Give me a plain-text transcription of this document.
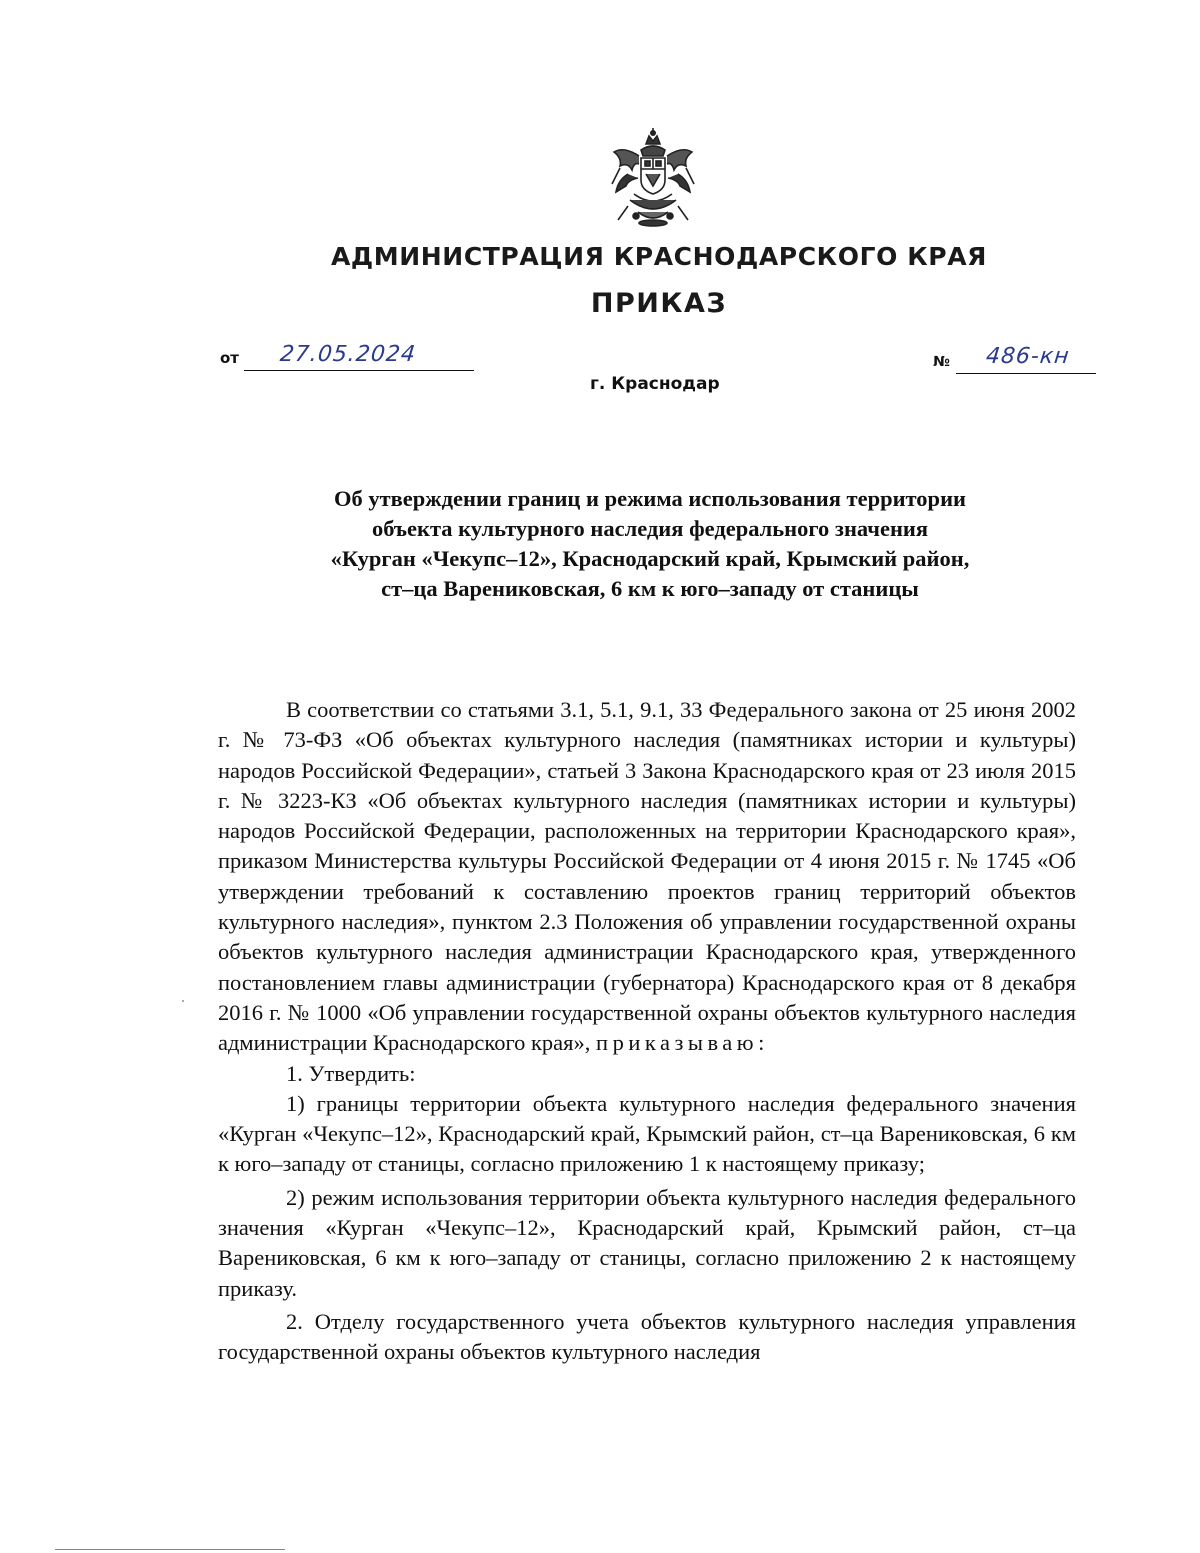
АДМИНИСТРАЦИЯ КРАСНОДАРСКОГО КРАЯ
ПРИКАЗ
от 27.05.2024
г. Краснодар
№ 486-кн
Об утверждении границ и режима использования территории
объекта культурного наследия федерального значения
«Курган «Чекупс–12», Краснодарский край, Крымский район,
ст–ца Варениковская, 6 км к юго–западу от станицы

В соответствии со статьями 3.1, 5.1, 9.1, 33 Федерального закона от 25 июня 2002 г. № 73-ФЗ «Об объектах культурного наследия (памятниках истории и культуры) народов Российской Федерации», статьей 3 Закона Краснодарского края от 23 июля 2015 г. № 3223-КЗ «Об объектах культурного наследия (памятниках истории и культуры) народов Российской Федерации, расположенных на территории Краснодарского края», приказом Министерства культуры Российской Федерации от 4 июня 2015 г. № 1745 «Об утверждении требований к составлению проектов границ территорий объектов культурного наследия», пунктом 2.3 Положения об управлении государственной охраны объектов культурного наследия администрации Краснодарского края, утвержденного постановлением главы администрации (губернатора) Краснодарского края от 8 декабря 2016 г. № 1000 «Об управлении государственной охраны объектов культурного наследия администрации Краснодарского края», приказываю:

1. Утвердить:

1) границы территории объекта культурного наследия федерального значения «Курган «Чекупс–12», Краснодарский край, Крымский район, ст–ца Варениковская, 6 км к юго–западу от станицы, согласно приложению 1 к настоящему приказу;

2) режим использования территории объекта культурного наследия федерального значения «Курган «Чекупс–12», Краснодарский край, Крымский район, ст–ца Варениковская, 6 км к юго–западу от станицы, согласно приложению 2 к настоящему приказу.

2. Отделу государственного учета объектов культурного наследия управления государственной охраны объектов культурного наследия
